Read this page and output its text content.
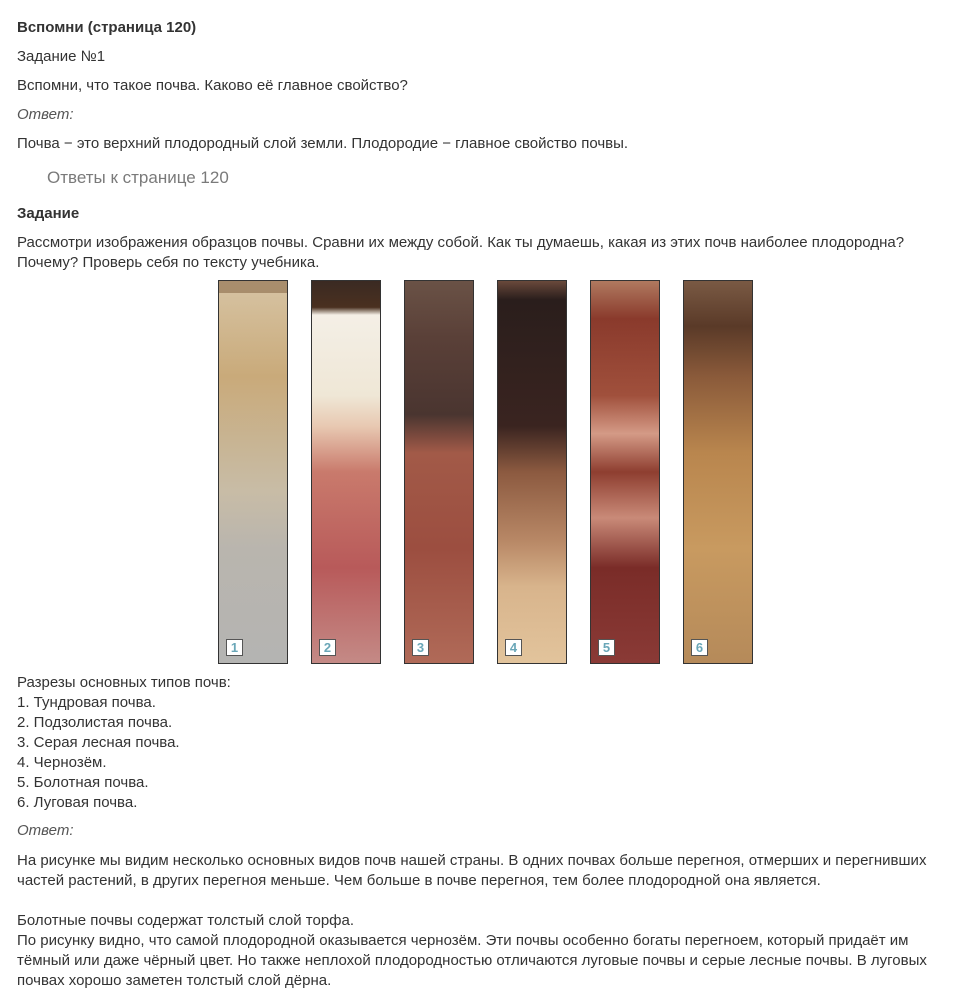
Вспомни (страница 120)
Задание №1
Вспомни, что такое почва. Каково её главное свойство?
Ответ:
Почва − это верхний плодородный слой земли. Плодородие − главное свойство почвы.
Ответы к странице 120
Задание
Рассмотри изображения образцов почвы. Сравни их между собой. Как ты думаешь, какая из этих почв наиболее плодородна? Почему? Проверь себя по тексту учебника.
1	2	3	4	5	6
Разрезы основных типов почв:
1. Тундровая почва.
2. Подзолистая почва.
3. Серая лесная почва.
4. Чернозём.
5. Болотная почва.
6. Луговая почва.
Ответ:
На рисунке мы видим несколько основных видов почв нашей страны. В одних почвах больше перегноя, отмерших и перегнивших частей растений, в других перегноя меньше. Чем больше в почве перегноя, тем более плодородной она является.
Болотные почвы содержат толстый слой торфа.
По рисунку видно, что самой плодородной оказывается чернозём. Эти почвы особенно богаты перегноем, который придаёт им тёмный или даже чёрный цвет. Но также неплохой плодородностью отличаются луговые почвы и серые лесные почвы. В луговых почвах хорошо заметен толстый слой дёрна.
